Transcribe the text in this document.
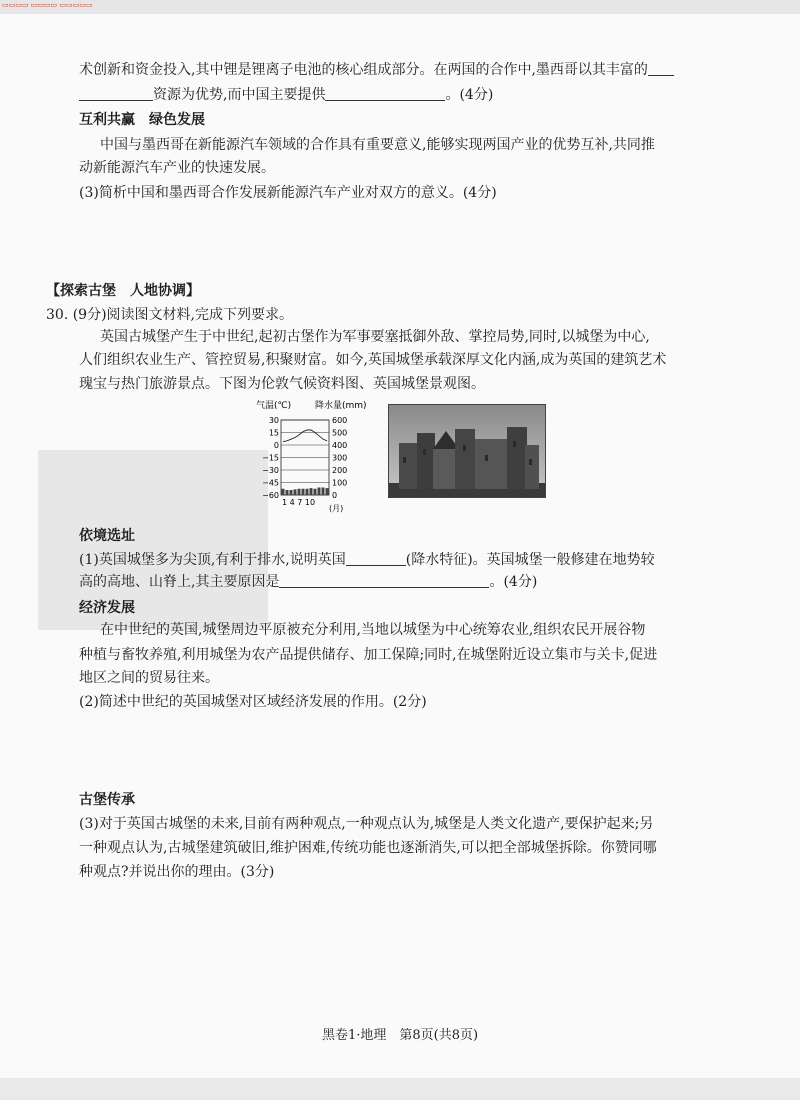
▭▭▭▭ ▭▭▭▭ ▭▭▭▭▭
术创新和资金投入,其中锂是锂离子电池的核心组成部分。在两国的合作中,墨西哥以其丰富的
资源为优势,而中国主要提供	。(4分)
互利共赢　绿色发展
中国与墨西哥在新能源汽车领域的合作具有重要意义,能够实现两国产业的优势互补,共同推
动新能源汽车产业的快速发展。
(3)简析中国和墨西哥合作发展新能源汽车产业对双方的意义。(4分)
【探索古堡　人地协调】
30. (9分)阅读图文材料,完成下列要求。
英国古城堡产生于中世纪,起初古堡作为军事要塞抵御外敌、掌控局势,同时,以城堡为中心,
人们组织农业生产、管控贸易,积聚财富。如今,英国城堡承载深厚文化内涵,成为英国的建筑艺术
瑰宝与热门旅游景点。下图为伦敦气候资料图、英国城堡景观图。
气温(℃)	降水量(mm)
30
15
0
−15
−30
−45
−60
600
500
400
300
200
100
0
1 4 7 10
(月)
依境选址
(1)英国城堡多为尖顶,有利于排水,说明英国	(降水特征)。英国城堡一般修建在地势较
高的高地、山脊上,其主要原因是	。(4分)
经济发展
在中世纪的英国,城堡周边平原被充分利用,当地以城堡为中心统筹农业,组织农民开展谷物
种植与畜牧养殖,利用城堡为农产品提供储存、加工保障;同时,在城堡附近设立集市与关卡,促进
地区之间的贸易往来。
(2)简述中世纪的英国城堡对区域经济发展的作用。(2分)
古堡传承
(3)对于英国古城堡的未来,目前有两种观点,一种观点认为,城堡是人类文化遗产,要保护起来;另
一种观点认为,古城堡建筑破旧,维护困难,传统功能也逐渐消失,可以把全部城堡拆除。你赞同哪
种观点?并说出你的理由。(3分)
黑卷1·地理　第8页(共8页)
